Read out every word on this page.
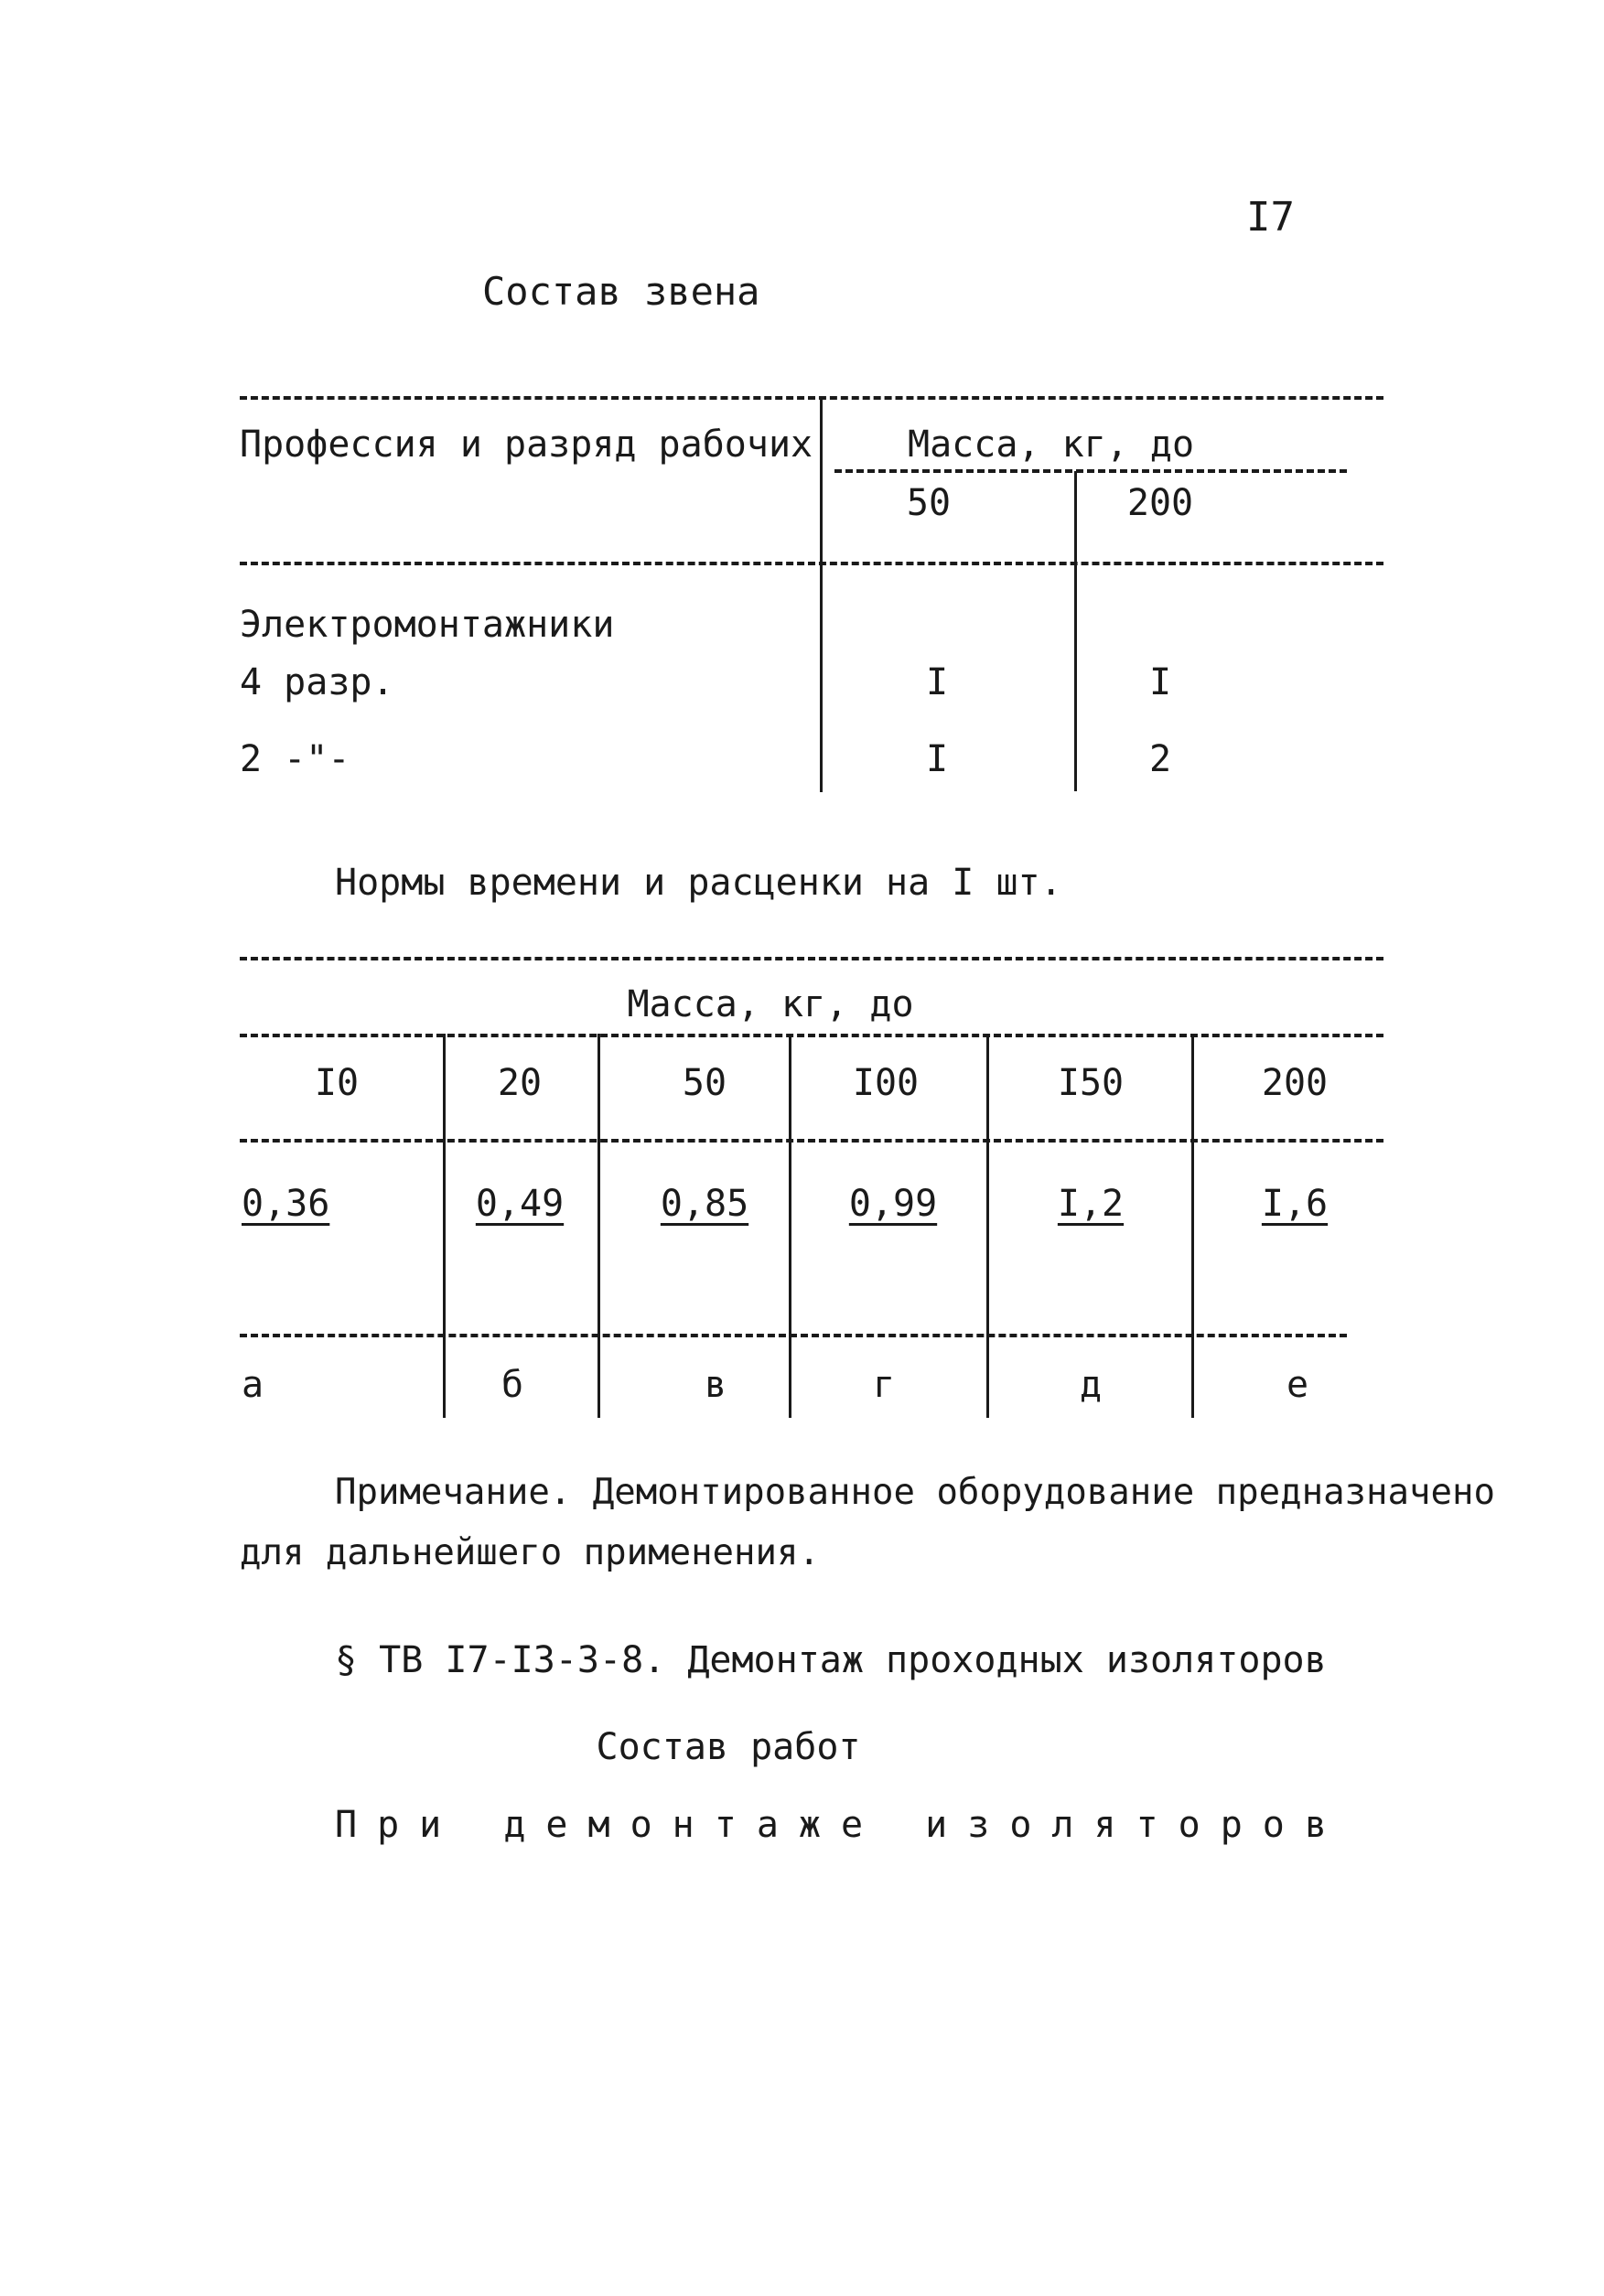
I7
Состав звена
Профессия и разряд рабочих	Масса, кг, до
50	200
Электромонтажники
4 разр.	I	I
2 -"-	I	2
Нормы времени и расценки на I шт.
Масса, кг, до
I0	20	50	I00	I50	200
0,36	0,49	0,85	0,99	I,2	I,6
а	б	в	г	д	е
Примечание. Демонтированное оборудование предназначено
для дальнейшего применения.
§ ТВ I7-I3-3-8. Демонтаж проходных изоляторов
Состав работ
При демонтаже изоляторов
